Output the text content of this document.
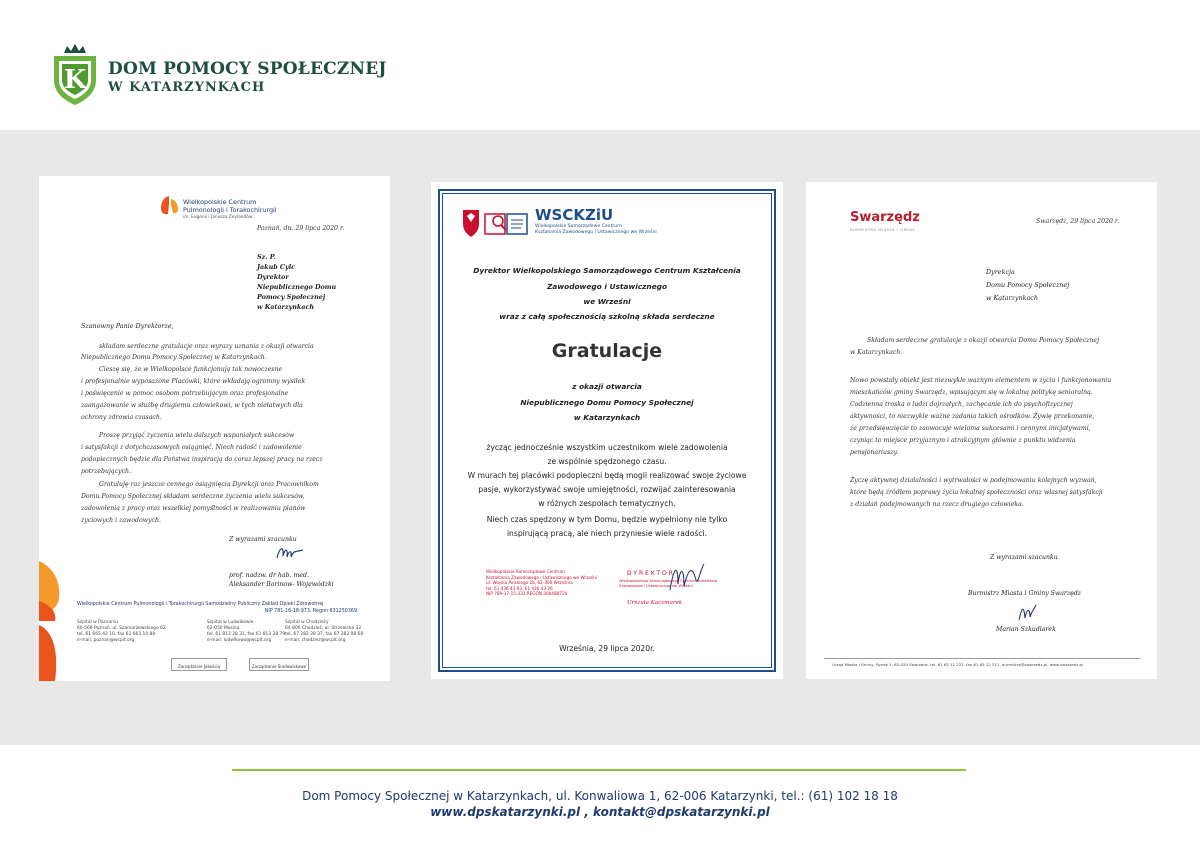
K DOM POMOCY SPOŁECZNEJ
W KATARZYNKACH
Wielkopolskie Centrum
Pulmonologii i Torakochirurgii
im. Eugenii i Janusza Zeylandów
Poznań, dn. 29 lipca 2020 r.
Sz. P.
Jakub Cylc
Dyrektor
Niepublicznego Domu
Pomocy Społecznej
w Katarzynkach
Szanowny Panie Dyrektorze,
składam serdeczne gratulacje oraz wyrazy uznania z okazji otwarcia
Niepublicznego Domu Pomocy Społecznej w Katarzynkach.
Cieszę się, że w Wielkopolsce funkcjonują tak nowoczesne
i profesjonalnie wyposażone Placówki, które wkładają ogromny wysiłek
i poświęcenie w pomoc osobom potrzebującym oraz profesjonalne
zaangażowanie w służbę drugiemu człowiekowi, w tych niełatwych dla
ochrony zdrowia czasach.
Proszę przyjąć życzenia wielu dalszych wspaniałych sukcesów
i satysfakcji z dotychczasowych osiągnięć. Niech radość i zadowolenie
podopiecznych będzie dla Państwa inspiracją do coraz lepszej pracy na rzecz
potrzebujących.
Gratuluję raz jeszcze cennego osiągnięcia Dyrekcji oraz Pracownikom
Domu Pomocy Społecznej składam serdeczne życzenia wielu sukcesów,
zadowolenia z pracy oraz wszelkiej pomyślności w realizowaniu planów
życiowych i zawodowych.
Z wyrazami szacunku
prof. nadzw. dr hab. med.
Aleksander Barinow- Wojewódzki
Wielkopolskie Centrum Pulmonologii i Torakochirurgii Samodzielny Publiczny Zakład Opieki Zdrowotnej
NIP 781-16-18-973, Regon 631250369
Szpital w Poznaniu
60-569 Poznań, ul. Szamarzewskiego 62
tel. 61 665 43 10, fax 61 663 10 88
e-mail: poznan@wcpit.org
Szpital w Ludwikowie
62-050 Mosina
tel. 61 813 28 31, fax 61 813 28 79
e-mail: ludwikowo@wcpit.org
Szpital w Chodzieży
64-800 Chodzież, ul. Strzelecka 32
tel. 67 282 28 37, fax 67 282 08 68
e-mail: chodziez@wcpit.org
Zarządzanie Jakością	Zarządzanie Środowiskowe
WSCKZiU
Wielkopolskie Samorządowe Centrum
Kształcenia Zawodowego i Ustawicznego we Wrześni
Dyrektor Wielkopolskiego Samorządowego Centrum Kształcenia
Zawodowego i Ustawicznego
we Wrześni
wraz z całą społecznością szkolną składa serdeczne
Gratulacje
z okazji otwarcia
Niepublicznego Domu Pomocy Społecznej
w Katarzynkach
życząc jednocześnie wszystkim uczestnikom wiele zadowolenia
ze wspólnie spędzonego czasu.
W murach tej placówki podopieczni będą mogli realizować swoje życiowe
pasje, wykorzystywać swoje umiejętności, rozwijać zainteresowania
w różnych zespołach tematycznych.
Niech czas spędzony w tym Domu, będzie wypełniony nie tylko
inspirującą pracą, ale niech przyniesie wiele radości.
Wielkopolskie Samorządowe Centrum
Kształcenia Zawodowego i Ustawicznego we Wrześni
ul. Wojska Polskiego 2b, 62-300 Września
tel. 61 436 43 93, 61 436 43 26
NIP 789-17-15-333 REGON 300488720
DYREKTOR
Wielkopolskiego Samorządowego Centrum Kształcenia
Zawodowego i Ustawicznego we Wrześni
Urszula Kaczmarek
Września, 29 lipca 2020r.
Swarzędz
BURMISTRZ MIASTA I GMINY
Swarzędz, 29 lipca 2020 r.
Dyrekcja
Domu Pomocy Społecznej
w Katarzynkach
Składam serdeczne gratulacje z okazji otwarcia Domu Pomocy Społecznej
w Katarzynkach.
Nowo powstały obiekt jest niezwykle ważnym elementem w życiu i funkcjonowaniu
mieszkańców gminy Swarzędz, wpisującym się w lokalną politykę senioralną.
Codzienna troska o ludzi dojrzałych, zachęcanie ich do psychofizycznej
aktywności, to niezwykle ważne zadania takich ośrodków. Żywię przekonanie,
że przedsięwzięcie to zaowocuje wieloma sukcesami i cennymi inicjatywami,
czyniąc to miejsce przyjaznym i atrakcyjnym głównie z punktu widzenia
pensjonariuszy.
Życzę aktywnej działalności i wytrwałości w podejmowaniu kolejnych wyzwań,
które będą źródłem poprawy życia lokalnej społeczności oraz własnej satysfakcji
z działań podejmowanych na rzecz drugiego człowieka.
Z wyrazami szacunku
Burmistrz Miasta i Gminy Swarzędz
Marian Szkudlarek
Urząd Miasta i Gminy, Rynek 1, 62-020 Swarzędz, tel. 61 65 12 222, fax 61 65 12 211, burmistrz@swarzedz.pl, www.swarzedz.pl
Dom Pomocy Społecznej w Katarzynkach, ul. Konwaliowa 1, 62-006 Katarzynki, tel.: (61) 102 18 18
www.dpskatarzynki.pl , kontakt@dpskatarzynki.pl
